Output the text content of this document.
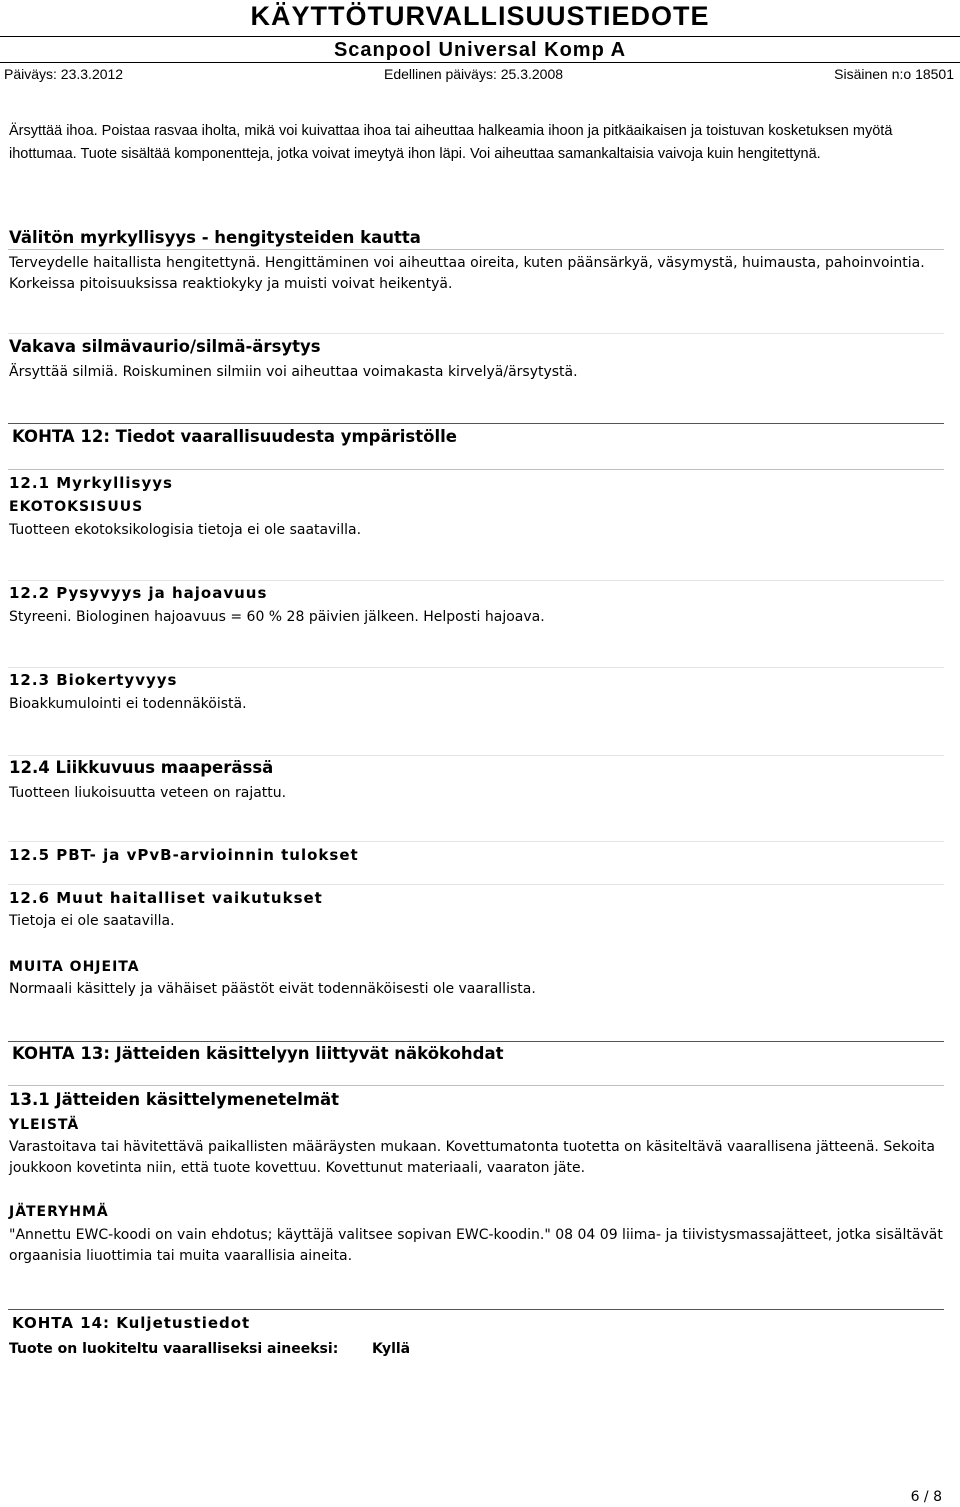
KÄYTTÖTURVALLISUUSTIEDOTE
Scanpool Universal Komp A
Päiväys: 23.3.2012	Edellinen päiväys: 25.3.2008	Sisäinen n:o 18501
Ärsyttää ihoa. Poistaa rasvaa iholta, mikä voi kuivattaa ihoa tai aiheuttaa halkeamia ihoon ja pitkäaikaisen ja toistuvan kosketuksen myötä ihottumaa. Tuote sisältää komponentteja, jotka voivat imeytyä ihon läpi. Voi aiheuttaa samankaltaisia vaivoja kuin hengitettynä.
Välitön myrkyllisyys - hengitysteiden kautta
Terveydelle haitallista hengitettynä. Hengittäminen voi aiheuttaa oireita, kuten päänsärkyä, väsymystä, huimausta, pahoinvointia. Korkeissa pitoisuuksissa reaktiokyky ja muisti voivat heikentyä.
Vakava silmävaurio/silmä-ärsytys
Ärsyttää silmiä. Roiskuminen silmiin voi aiheuttaa voimakasta kirvelyä/ärsytystä.
KOHTA 12: Tiedot vaarallisuudesta ympäristölle
12.1 Myrkyllisyys
EKOTOKSISUUS
Tuotteen ekotoksikologisia tietoja ei ole saatavilla.
12.2 Pysyvyys ja hajoavuus
Styreeni. Biologinen hajoavuus = 60 % 28 päivien jälkeen. Helposti hajoava.
12.3 Biokertyvyys
Bioakkumulointi ei todennäköistä.
12.4 Liikkuvuus maaperässä
Tuotteen liukoisuutta veteen on rajattu.
12.5 PBT- ja vPvB-arvioinnin tulokset
12.6 Muut haitalliset vaikutukset
Tietoja ei ole saatavilla.
MUITA OHJEITA
Normaali käsittely ja vähäiset päästöt eivät todennäköisesti ole vaarallista.
KOHTA 13: Jätteiden käsittelyyn liittyvät näkökohdat
13.1 Jätteiden käsittelymenetelmät
YLEISTÄ
Varastoitava tai hävitettävä paikallisten määräysten mukaan. Kovettumatonta tuotetta on käsiteltävä vaarallisena jätteenä. Sekoita joukkoon kovetinta niin, että tuote kovettuu. Kovettunut materiaali, vaaraton jäte.
JÄTERYHMÄ
"Annettu EWC-koodi on vain ehdotus; käyttäjä valitsee sopivan EWC-koodin." 08 04 09 liima- ja tiivistysmassajätteet, jotka sisältävät orgaanisia liuottimia tai muita vaarallisia aineita.
KOHTA 14: Kuljetustiedot
Tuote on luokiteltu vaaralliseksi aineeksi: Kyllä
6 / 8
